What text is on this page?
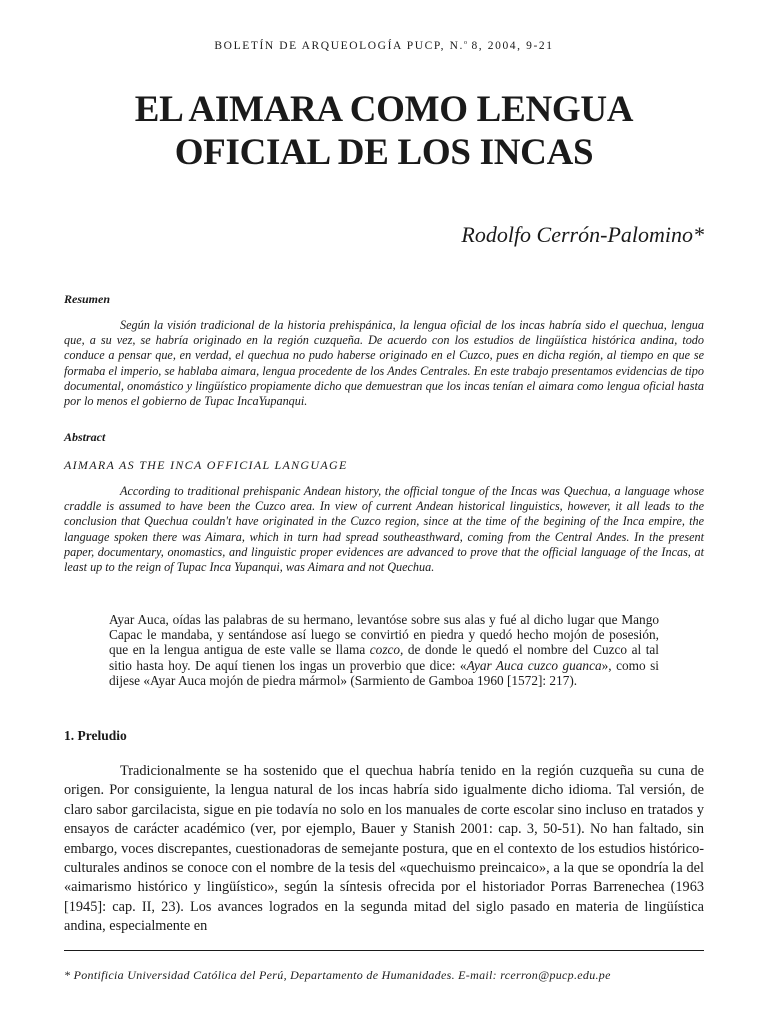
BOLETÍN DE ARQUEOLOGÍA PUCP, N.$^o$ 8, 2004, 9-21
EL AIMARA COMO LENGUA
OFICIAL DE LOS INCAS
Rodolfo Cerrón-Palomino*
Resumen

Según la visión tradicional de la historia prehispánica, la lengua oficial de los incas habría sido el quechua, lengua que, a su vez, se habría originado en la región cuzqueña. De acuerdo con los estudios de lingüística histórica andina, todo conduce a pensar que, en verdad, el quechua no pudo haberse originado en el Cuzco, pues en dicha región, al tiempo en que se formaba el imperio, se hablaba aimara, lengua procedente de los Andes Centrales. En este trabajo presentamos evidencias de tipo documental, onomástico y lingüístico propiamente dicho que demuestran que los incas tenían el aimara como lengua oficial hasta por lo menos el gobierno de Tupac IncaYupanqui.

Abstract
AIMARA AS THE INCA OFFICIAL LANGUAGE

According to traditional prehispanic Andean history, the official tongue of the Incas was Quechua, a language whose craddle is assumed to have been the Cuzco area. In view of current Andean historical linguistics, however, it all leads to the conclusion that Quechua couldn't have originated in the Cuzco region, since at the time of the begining of the Inca empire, the language spoken there was Aimara, which in turn had spread southeasthward, coming from the Central Andes. In the present paper, documentary, onomastics, and linguistic proper evidences are advanced to prove that the official language of the Incas, at least up to the reign of Tupac Inca Yupanqui, was Aimara and not Quechua.

Ayar Auca, oídas las palabras de su hermano, levantóse sobre sus alas y fué al dicho lugar que Mango Capac le mandaba, y sentándose así luego se convirtió en piedra y quedó hecho mojón de posesión, que en la lengua antigua de este valle se llama cozco, de donde le quedó el nombre del Cuzco al tal sitio hasta hoy. De aquí tienen los ingas un proverbio que dice: «Ayar Auca cuzco guanca», como si dijese «Ayar Auca mojón de piedra mármol» (Sarmiento de Gamboa 1960 [1572]: 217).

1. Preludio

Tradicionalmente se ha sostenido que el quechua habría tenido en la región cuzqueña su cuna de origen. Por consiguiente, la lengua natural de los incas habría sido igualmente dicho idioma. Tal versión, de claro sabor garcilacista, sigue en pie todavía no solo en los manuales de corte escolar sino incluso en tratados y ensayos de carácter académico (ver, por ejemplo, Bauer y Stanish 2001: cap. 3, 50-51). No han faltado, sin embargo, voces discrepantes, cuestionadoras de semejante postura, que en el contexto de los estudios histórico-culturales andinos se conoce con el nombre de la tesis del «quechuismo preincaico», a la que se opondría la del «aimarismo histórico y lingüístico», según la síntesis ofrecida por el historiador Porras Barrenechea (1963 [1945]: cap. II, 23). Los avances logrados en la segunda mitad del siglo pasado en materia de lingüística andina, especialmente en

* Pontificia Universidad Católica del Perú, Departamento de Humanidades. E-mail: rcerron@pucp.edu.pe
